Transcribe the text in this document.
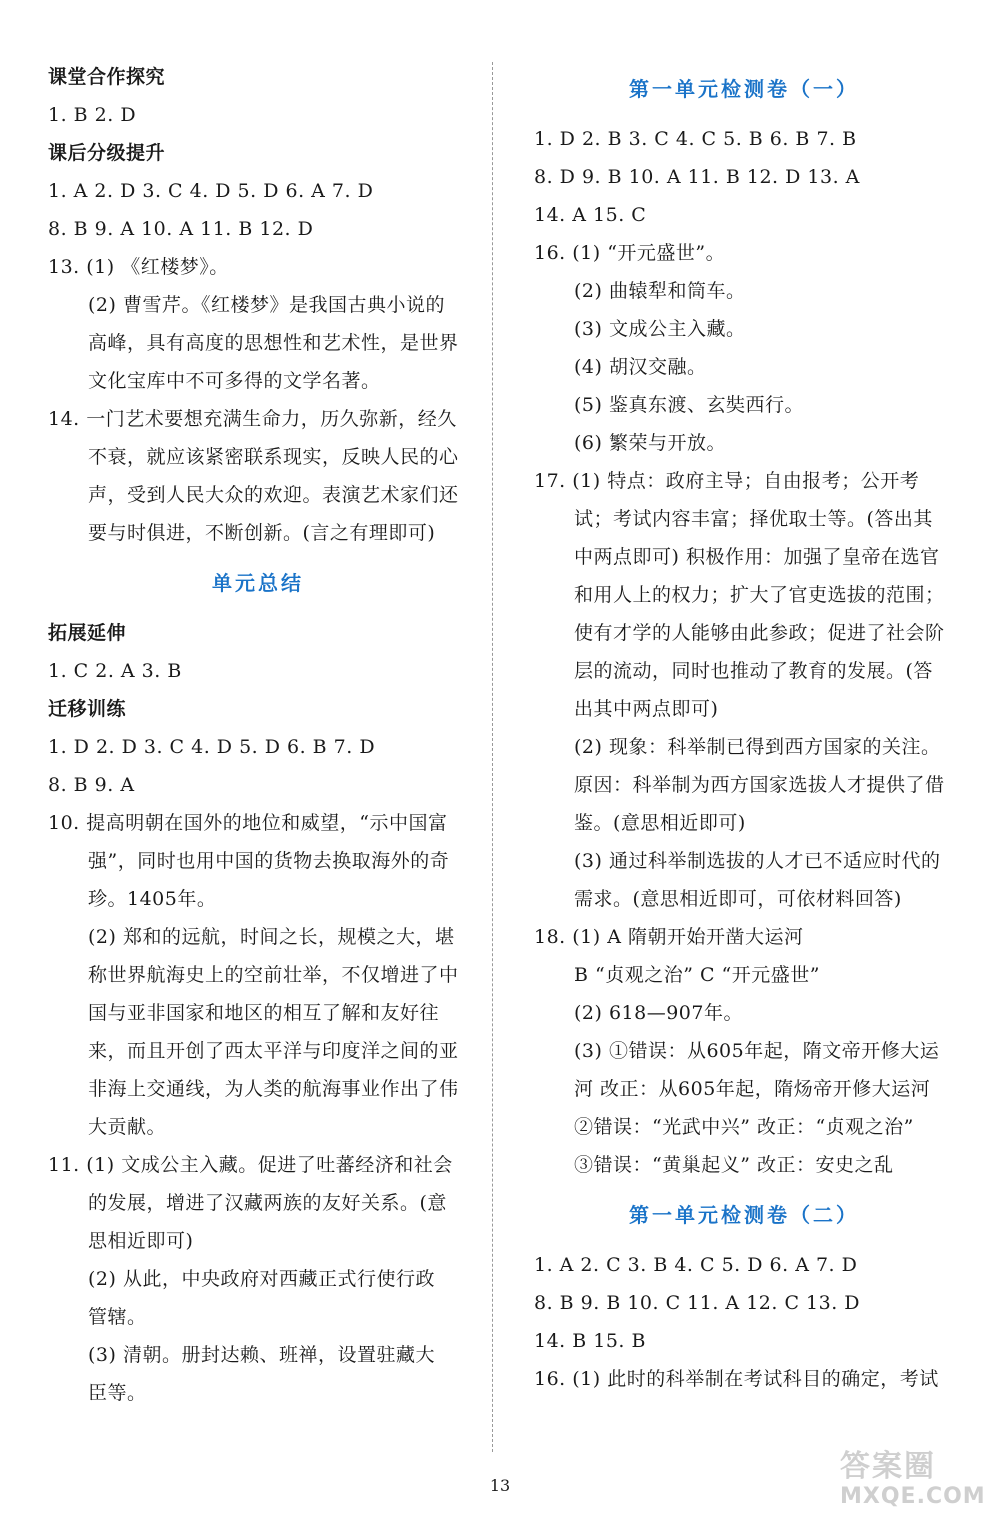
课堂合作探究
1. B 2. D
课后分级提升
1. A 2. D 3. C 4. D 5. D 6. A 7. D
8. B 9. A 10. A 11. B 12. D
13. (1) 《红楼梦》。
(2) 曹雪芹。《红楼梦》是我国古典小说的
高峰，具有高度的思想性和艺术性，是世界
文化宝库中不可多得的文学名著。
14. 一门艺术要想充满生命力，历久弥新，经久
不衰，就应该紧密联系现实，反映人民的心
声，受到人民大众的欢迎。表演艺术家们还
要与时俱进，不断创新。(言之有理即可)
单元总结
拓展延伸
1. C 2. A 3. B
迁移训练
1. D 2. D 3. C 4. D 5. D 6. B 7. D
8. B 9. A
10. 提高明朝在国外的地位和威望，“示中国富
强”，同时也用中国的货物去换取海外的奇
珍。1405年。
(2) 郑和的远航，时间之长，规模之大，堪
称世界航海史上的空前壮举，不仅增进了中
国与亚非国家和地区的相互了解和友好往
来，而且开创了西太平洋与印度洋之间的亚
非海上交通线，为人类的航海事业作出了伟
大贡献。
11. (1) 文成公主入藏。促进了吐蕃经济和社会
的发展，增进了汉藏两族的友好关系。(意
思相近即可)
(2) 从此，中央政府对西藏正式行使行政
管辖。
(3) 清朝。册封达赖、班禅，设置驻藏大
臣等。
第一单元检测卷（一）
1. D 2. B 3. C 4. C 5. B 6. B 7. B
8. D 9. B 10. A 11. B 12. D 13. A
14. A 15. C
16. (1) “开元盛世”。
(2) 曲辕犁和筒车。
(3) 文成公主入藏。
(4) 胡汉交融。
(5) 鉴真东渡、玄奘西行。
(6) 繁荣与开放。
17. (1) 特点：政府主导；自由报考；公开考
试；考试内容丰富；择优取士等。(答出其
中两点即可) 积极作用：加强了皇帝在选官
和用人上的权力；扩大了官吏选拔的范围；
使有才学的人能够由此参政；促进了社会阶
层的流动，同时也推动了教育的发展。(答
出其中两点即可)
(2) 现象：科举制已得到西方国家的关注。
原因：科举制为西方国家选拔人才提供了借
鉴。(意思相近即可)
(3) 通过科举制选拔的人才已不适应时代的
需求。(意思相近即可，可依材料回答)
18. (1) A 隋朝开始开凿大运河
B “贞观之治” C “开元盛世”
(2) 618—907年。
(3) ①错误：从605年起，隋文帝开修大运
河 改正：从605年起，隋炀帝开修大运河
②错误：“光武中兴” 改正：“贞观之治”
③错误：“黄巢起义” 改正：安史之乱
第一单元检测卷（二）
1. A 2. C 3. B 4. C 5. D 6. A 7. D
8. B 9. B 10. C 11. A 12. C 13. D
14. B 15. B
16. (1) 此时的科举制在考试科目的确定，考试
13
答案圈
MXQE.COM
